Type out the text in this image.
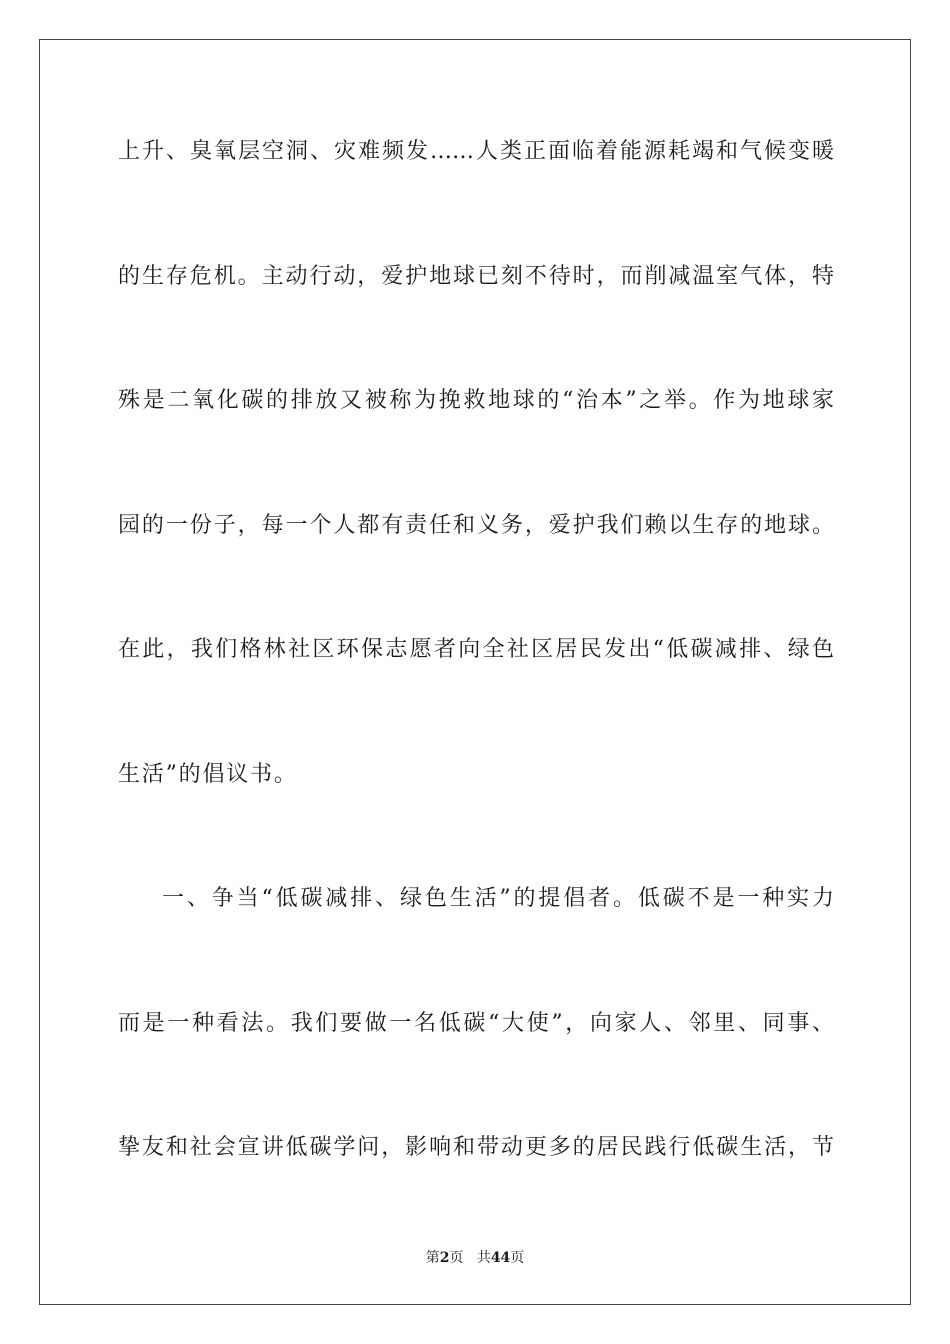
上升、臭氧层空洞、灾难频发……人类正面临着能源耗竭和气候变暖
的生存危机。主动行动，爱护地球已刻不待时，而削减温室气体，特
殊是二氧化碳的排放又被称为挽救地球的“治本”之举。作为地球家
园的一份子，每一个人都有责任和义务，爱护我们赖以生存的地球。
在此，我们格林社区环保志愿者向全社区居民发出“低碳减排、绿色
生活”的倡议书。
一、争当“低碳减排、绿色生活”的提倡者。低碳不是一种实力
而是一种看法。我们要做一名低碳“大使”，向家人、邻里、同事、
挚友和社会宣讲低碳学问，影响和带动更多的居民践行低碳生活，节
第2页 共44页
